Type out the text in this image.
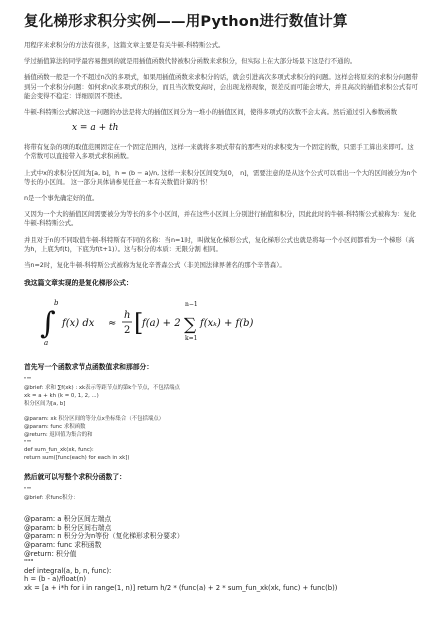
复化梯形求积分实例——用Python进行数值计算

用程序来求积分的方法有很多，这篇文章主要是有关牛顿-科特斯公式。

学过插值算法的同学最容易想到的就是用插值函数代替被积分函数来求积分，但实际上在大部分场景下这是行不通的。

插值函数一般是一个不超过n次的多项式，如果用插值函数来求积分的话，就会引进高次多项式求积分的问题。这样会将原来的求积分问题带到另一个求积分问题：如何求n次多项式的积分，而且当次数变高时，会出现龙格现象，误差反而可能会增大，并且高次的插值求积公式有可能会变得不稳定：详细原因不赘述。

牛顿-科特斯公式解决这一问题的办法是将大的插值区间分为一堆小的插值区间，使得多项式的次数不会太高。然后通过引入参数函数

x = a + th

将带有复杂的项的取值范围固定在一个固定范围内，这样一来就将多项式带有的那些对的求积变为一个固定的数，只需手工算出来即可。这个常数可以直接带入多项式求积函数。

上式中x的求积分区间为[a, b]，h = (b − a)/n, 这样一来积分区间变为[0， n]，需要注意的是从这个公式可以看出一个大的区间被分为n个等长的小区间。 这一部分具体请参见任意一本有关数值计算的书！

n是一个事先确定好的值。

又因为一个大的插值区间需要被分为等长的多个小区间，并在这些小区间上分别进行插值和积分，因此此时的牛顿-科特斯公式被称为：复化牛顿-科特斯公式。

并且对于n的不同取值牛顿-科特斯有不同的名称：当n=1时，叫做复化梯形公式，复化梯形公式也就是将每一个小区间都看为一个梯形（高为h，上底为f(t)，下底为f(t+1)）。这与积分的本质：无限分割 相同。

当n=2时，复化牛顿-科特斯公式被称为复化辛普森公式（非美国法律界著名的那个辛普森）。

我这篇文章实现的是复化梯形公式：
∫
b
a
f(x) dx ≈
h
2 [
f(a) + 2
n−1
∑
k=1
f(xₖ) + f(b)
首先写一个函数求节点函数值求和那部分：
"""
@brief: 求和 ∑f(xk) : xk表示等距节点的第k个节点，不包括端点
xk = a + kh (k = 0, 1, 2, ...)
积分区间为[a, b]
@param: xk 积分区间的等分点x坐标集合（不包括端点）
@param: func 求积函数
@return: 返回值为集合的和
"""
def sum_fun_xk(xk, func):
return sum([func(each) for each in xk])
然后就可以写整个求积分函数了：
"""
@brief: 求func积分：
@param: a 积分区间左端点
@param: b 积分区间右端点
@param: n 积分分为n等份（复化梯形求积分要求）
@param: func 求积函数
@return: 积分值
"""
def integral(a, b, n, func):
h = (b - a)/float(n)
xk = [a + i*h for i in range(1, n)] return h/2 * (func(a) + 2 * sum_fun_xk(xk, func) + func(b))
